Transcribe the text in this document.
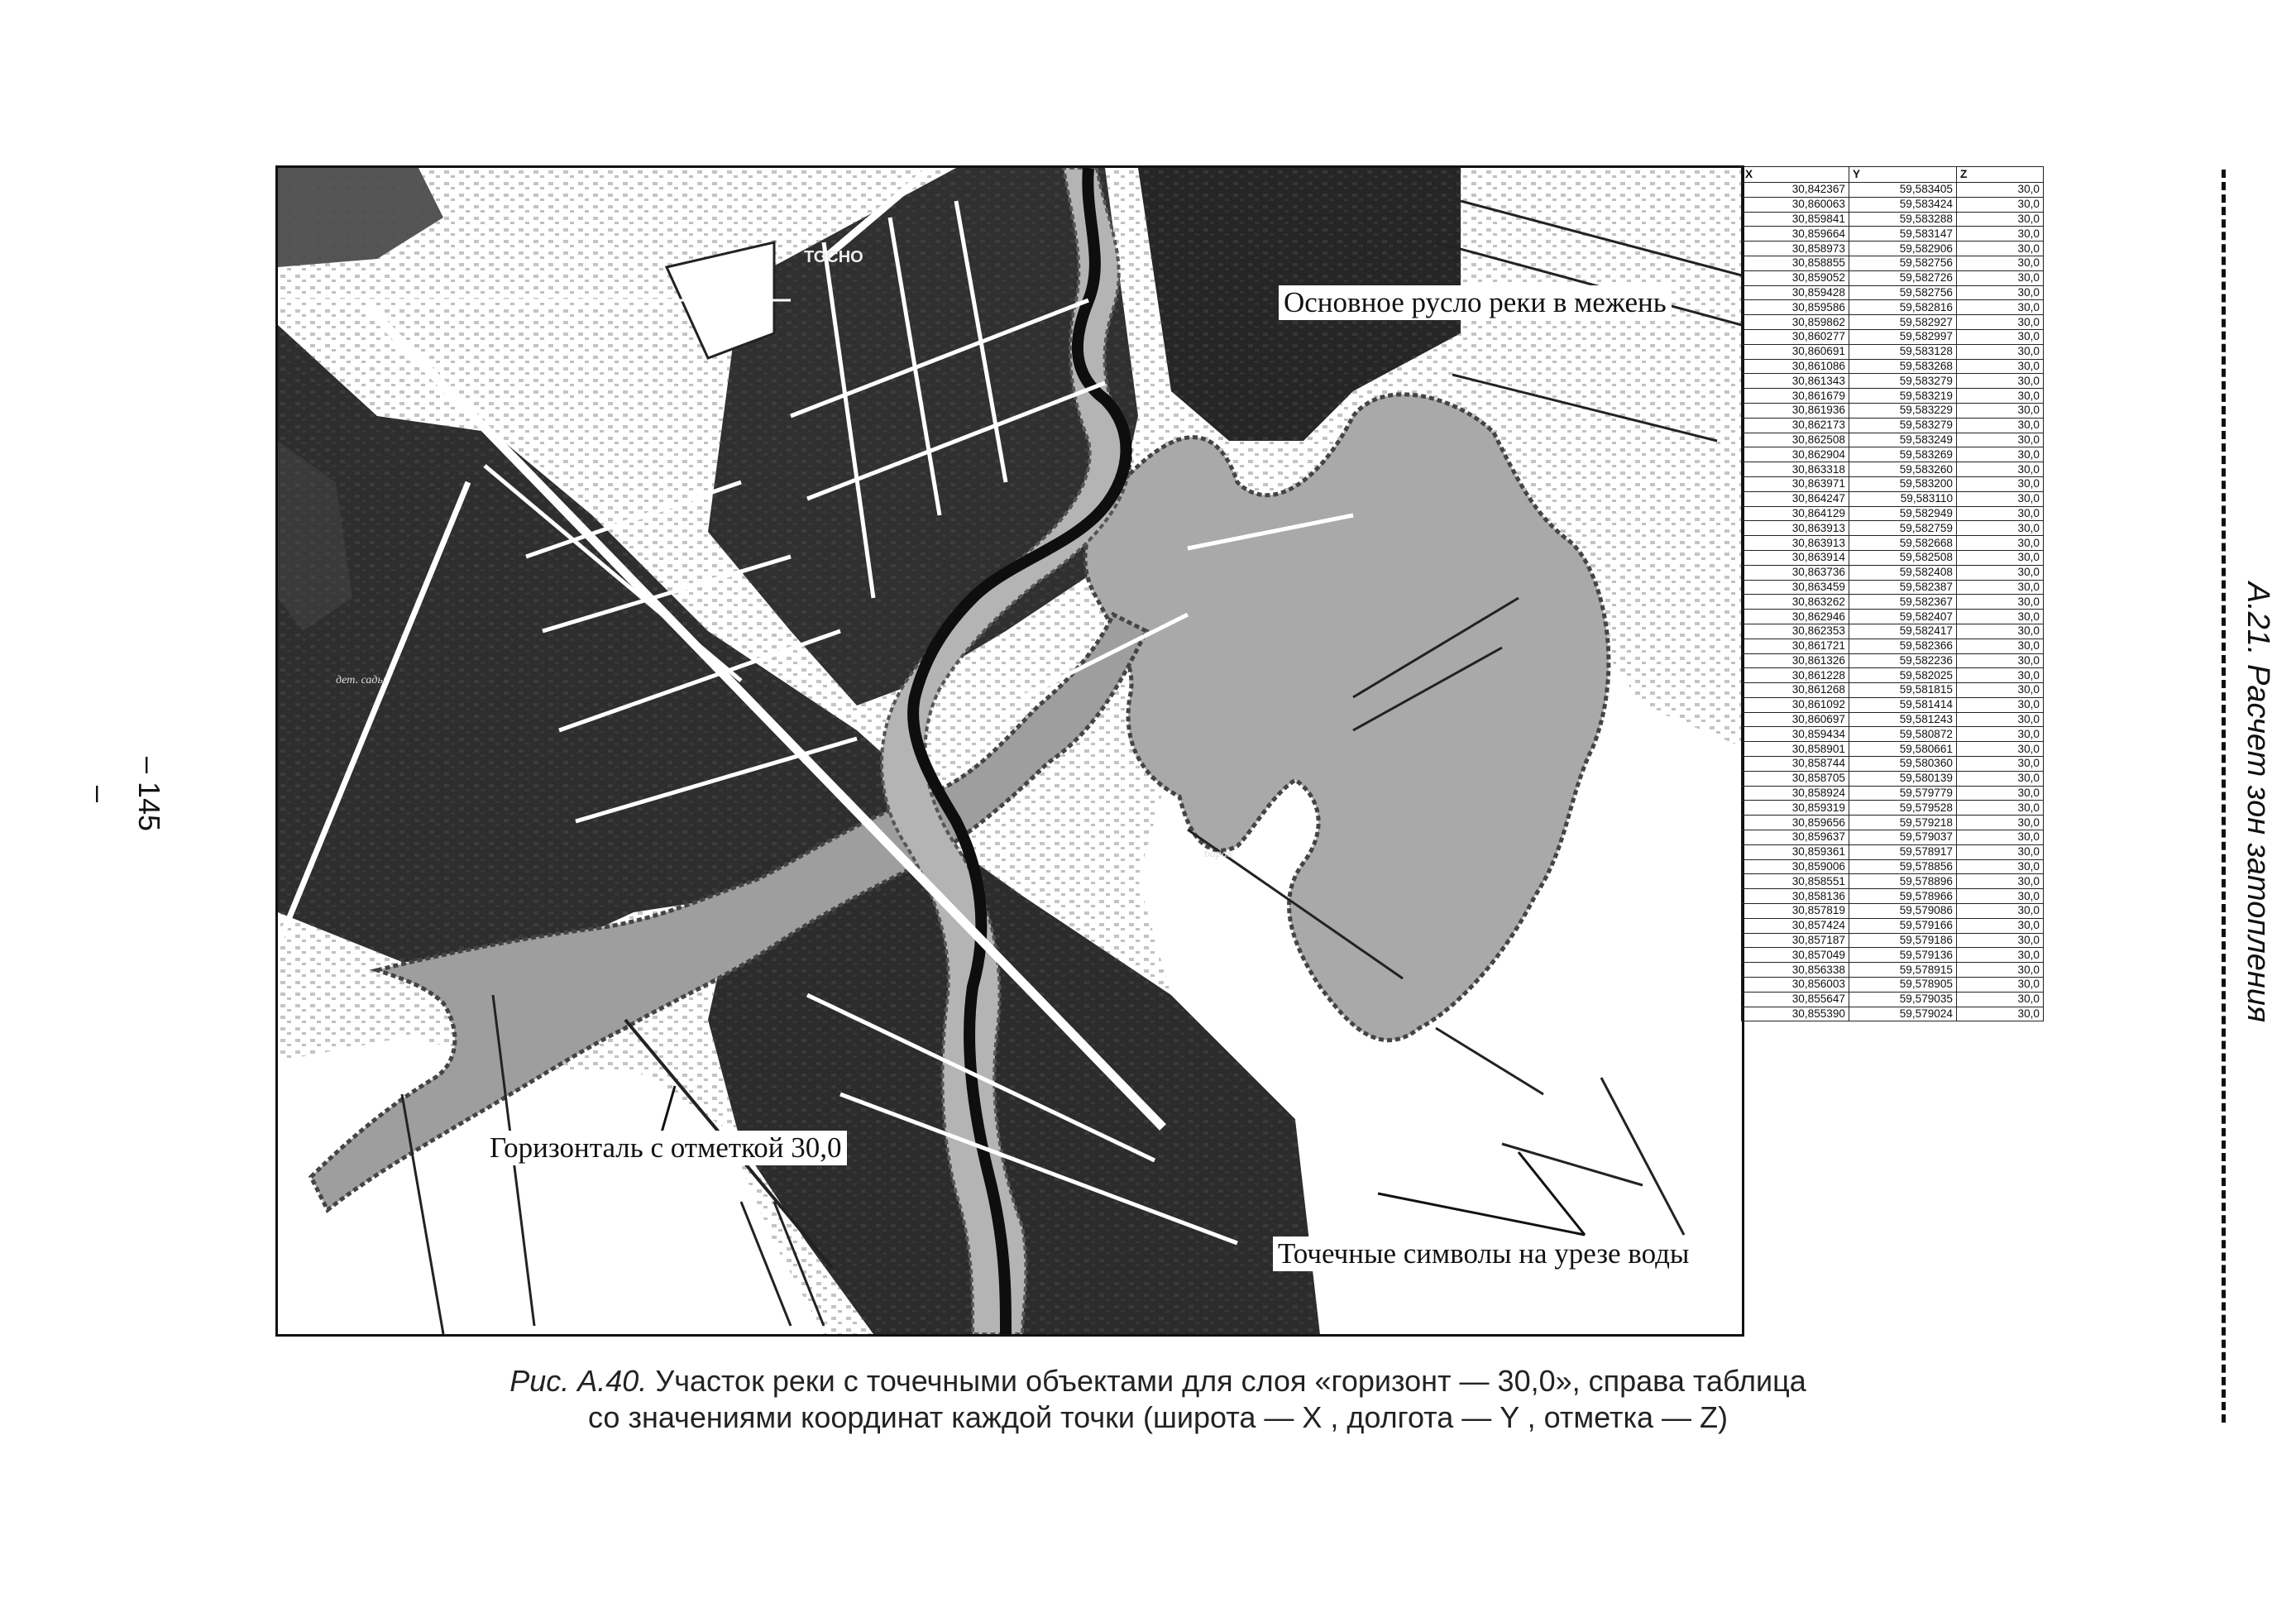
– 145 –	А.21. Расчет зон затопления
ТОСНО
дет. сады
барак
Основное русло реки в межень
Горизонталь с отметкой 30,0
Точечные символы на урезе воды
X	Y	Z
30,842367	59,583405	30,0
30,860063	59,583424	30,0
30,859841	59,583288	30,0
30,859664	59,583147	30,0
30,858973	59,582906	30,0
30,858855	59,582756	30,0
30,859052	59,582726	30,0
30,859428	59,582756	30,0
30,859586	59,582816	30,0
30,859862	59,582927	30,0
30,860277	59,582997	30,0
30,860691	59,583128	30,0
30,861086	59,583268	30,0
30,861343	59,583279	30,0
30,861679	59,583219	30,0
30,861936	59,583229	30,0
30,862173	59,583279	30,0
30,862508	59,583249	30,0
30,862904	59,583269	30,0
30,863318	59,583260	30,0
30,863971	59,583200	30,0
30,864247	59,583110	30,0
30,864129	59,582949	30,0
30,863913	59,582759	30,0
30,863913	59,582668	30,0
30,863914	59,582508	30,0
30,863736	59,582408	30,0
30,863459	59,582387	30,0
30,863262	59,582367	30,0
30,862946	59,582407	30,0
30,862353	59,582417	30,0
30,861721	59,582366	30,0
30,861326	59,582236	30,0
30,861228	59,582025	30,0
30,861268	59,581815	30,0
30,861092	59,581414	30,0
30,860697	59,581243	30,0
30,859434	59,580872	30,0
30,858901	59,580661	30,0
30,858744	59,580360	30,0
30,858705	59,580139	30,0
30,858924	59,579779	30,0
30,859319	59,579528	30,0
30,859656	59,579218	30,0
30,859637	59,579037	30,0
30,859361	59,578917	30,0
30,859006	59,578856	30,0
30,858551	59,578896	30,0
30,858136	59,578966	30,0
30,857819	59,579086	30,0
30,857424	59,579166	30,0
30,857187	59,579186	30,0
30,857049	59,579136	30,0
30,856338	59,578915	30,0
30,856003	59,578905	30,0
30,855647	59,579035	30,0
30,855390	59,579024	30,0
Рис. А.40. Участок реки с точечными объектами для слоя «горизонт — 30,0», справа таблица
со значениями координат каждой точки (широта — X , долгота — Y , отметка — Z)
